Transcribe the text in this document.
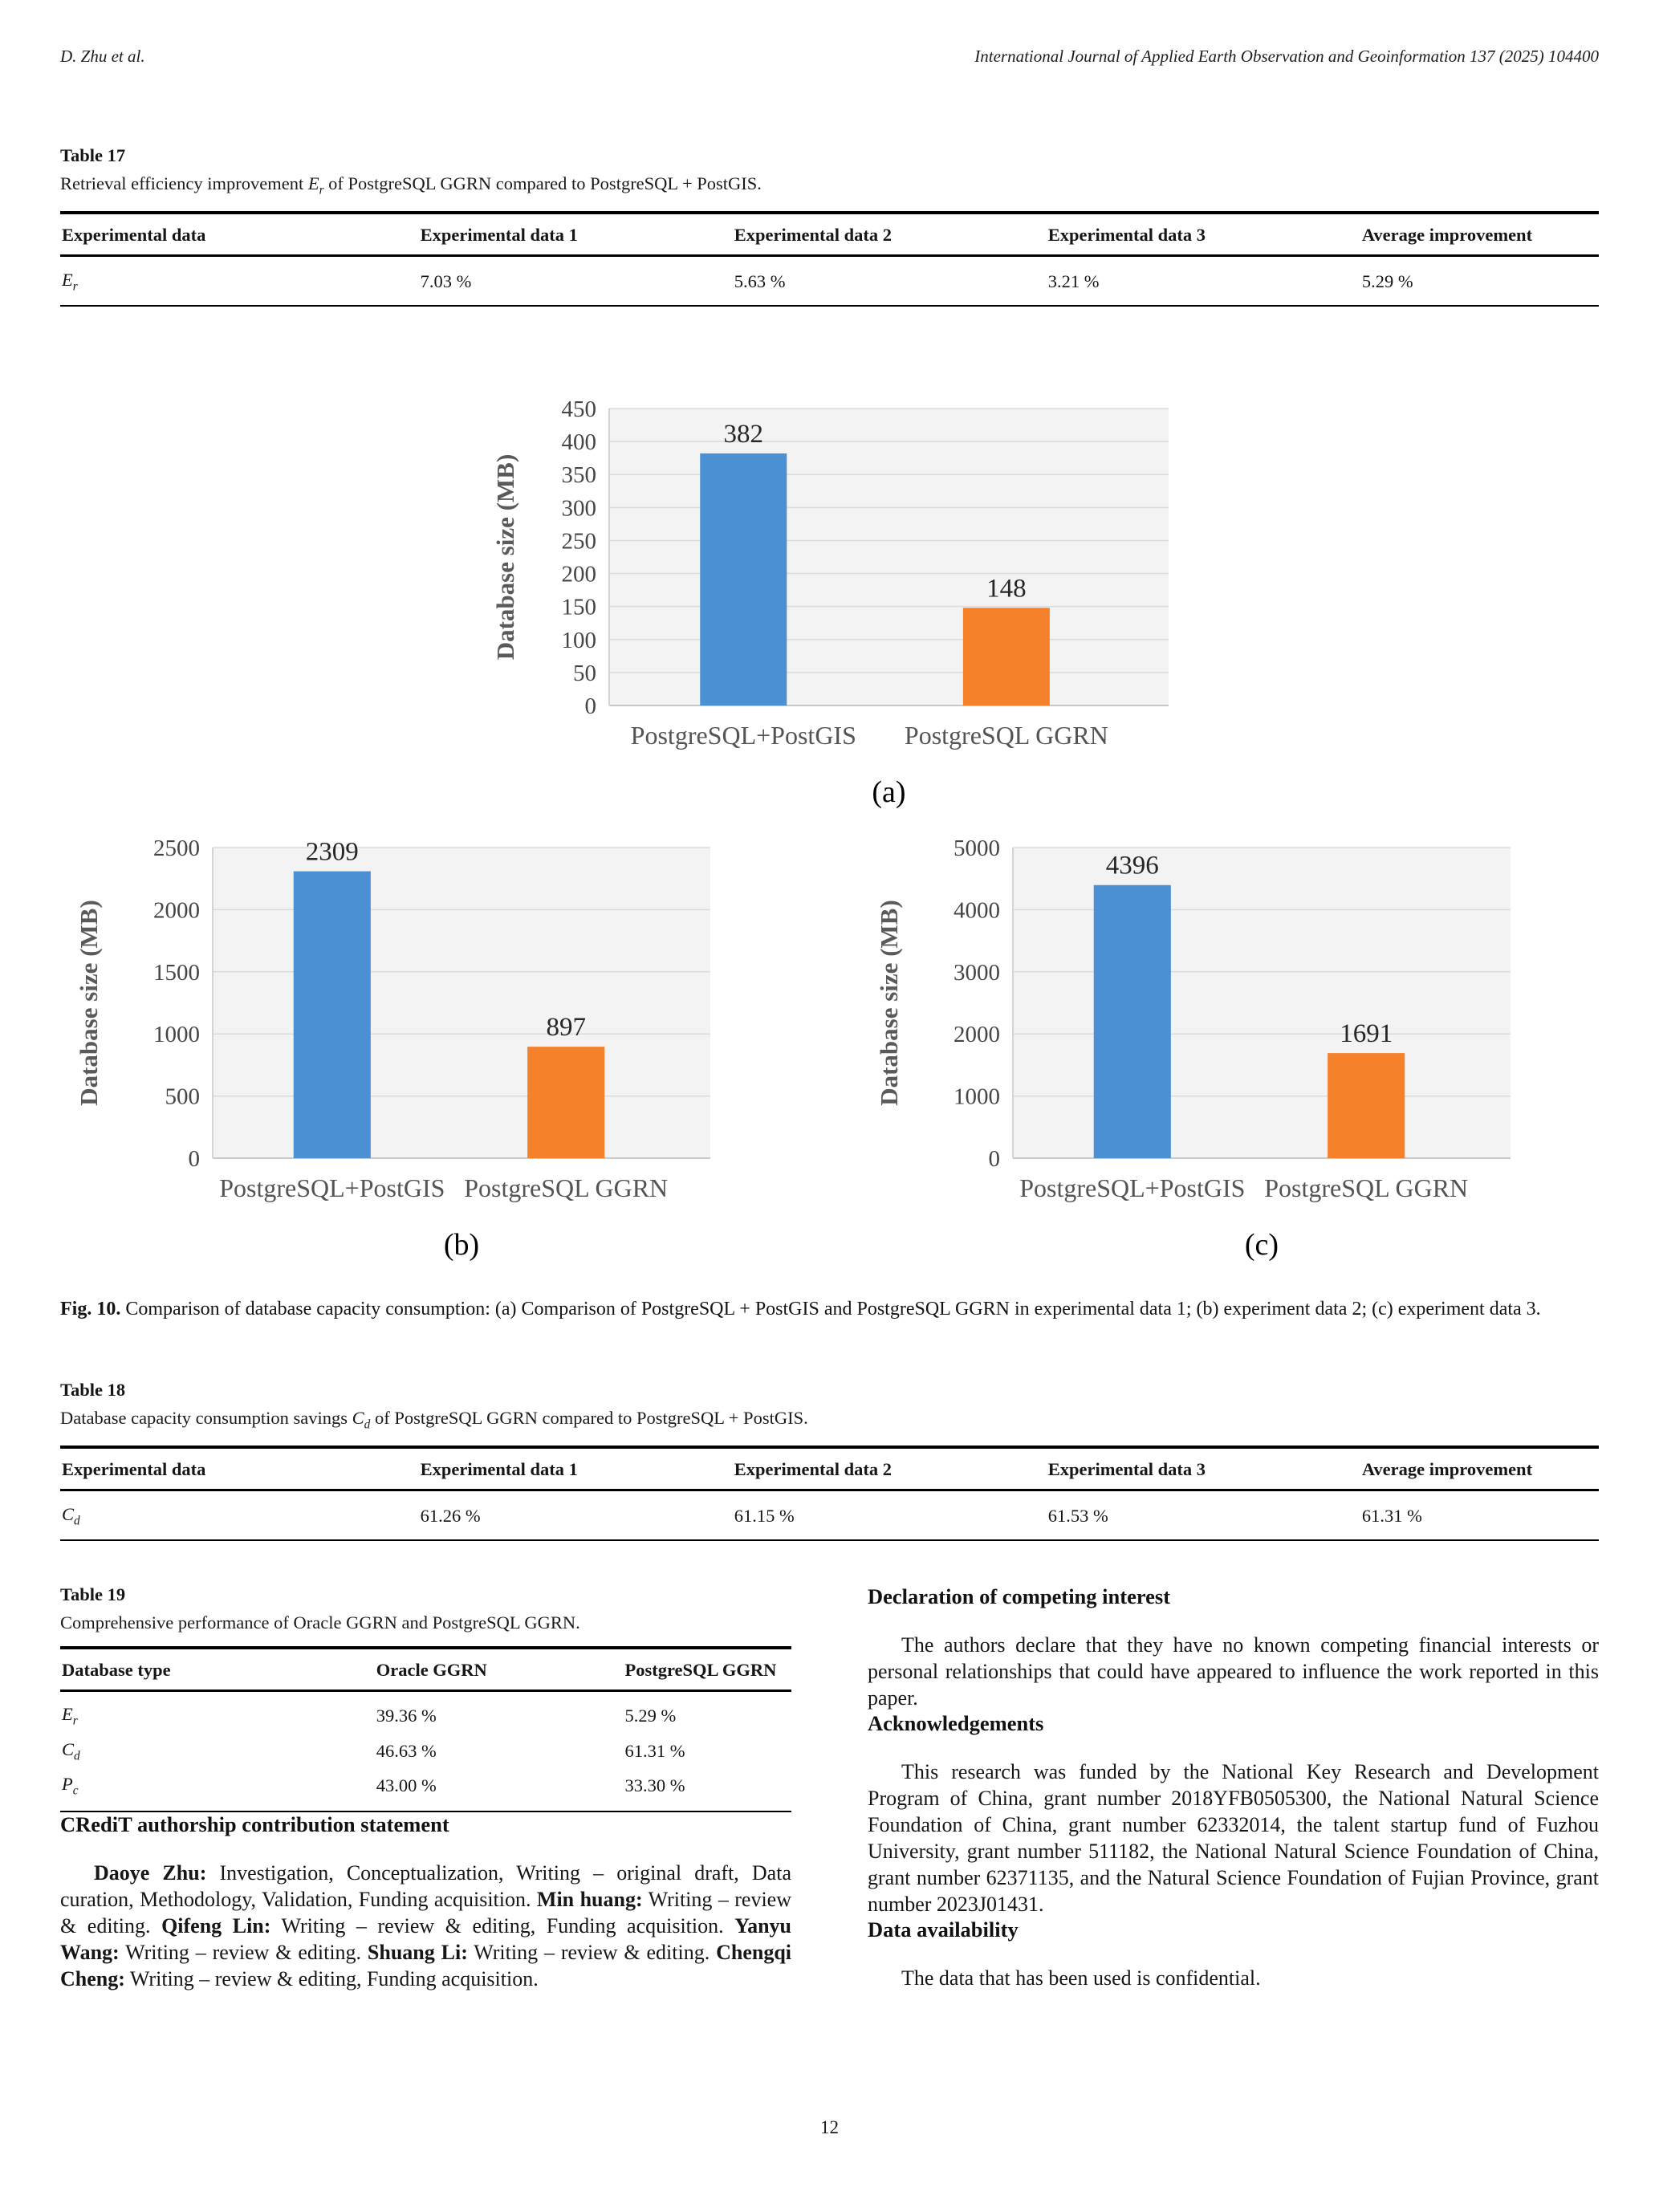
D. Zhu et al.	International Journal of Applied Earth Observation and Geoinformation 137 (2025) 104400
Table 17
Retrieval efficiency improvement $E_r$ of PostgreSQL GGRN compared to PostgreSQL + PostGIS.
Experimental data	Experimental data 1	Experimental data 2	Experimental data 3	Average improvement
$E_r$	7.03 %	5.63 %	3.21 %	5.29 %
0
50
100
150
200
250
300
350
400
450
Database size (MB)
382
PostgreSQL+PostGIS
148
PostgreSQL GGRN
(a)
0
500
1000
1500
2000
2500
Database size (MB)
2309
PostgreSQL+PostGIS
897
PostgreSQL GGRN
(b)
0
1000
2000
3000
4000
5000
Database size (MB)
4396
PostgreSQL+PostGIS
1691
PostgreSQL GGRN
(c)
Fig. 10. Comparison of database capacity consumption: (a) Comparison of PostgreSQL + PostGIS and PostgreSQL GGRN in experimental data 1; (b) experiment data 2; (c) experiment data 3.
Table 18
Database capacity consumption savings $C_d$ of PostgreSQL GGRN compared to PostgreSQL + PostGIS.
Experimental data	Experimental data 1	Experimental data 2	Experimental data 3	Average improvement
$C_d$	61.26 %	61.15 %	61.53 %	61.31 %
Table 19
Comprehensive performance of Oracle GGRN and PostgreSQL GGRN.
Database type	Oracle GGRN	PostgreSQL GGRN
$E_r$	39.36 %	5.29 %
$C_d$	46.63 %	61.31 %
$P_c$	43.00 %	33.30 %
CRediT authorship contribution statement

Daoye Zhu: Investigation, Conceptualization, Writing – original draft, Data curation, Methodology, Validation, Funding acquisition. Min huang: Writing – review & editing. Qifeng Lin: Writing – review & editing, Funding acquisition. Yanyu Wang: Writing – review & editing. Shuang Li: Writing – review & editing. Chengqi Cheng: Writing – review & editing, Funding acquisition.

Declaration of competing interest

The authors declare that they have no known competing financial interests or personal relationships that could have appeared to influence the work reported in this paper.

Acknowledgements

This research was funded by the National Key Research and Development Program of China, grant number 2018YFB0505300, the National Natural Science Foundation of China, grant number 62332014, the talent startup fund of Fuzhou University, grant number 511182, the National Natural Science Foundation of China, grant number 62371135, and the Natural Science Foundation of Fujian Province, grant number 2023J01431.

Data availability

The data that has been used is confidential.

12
